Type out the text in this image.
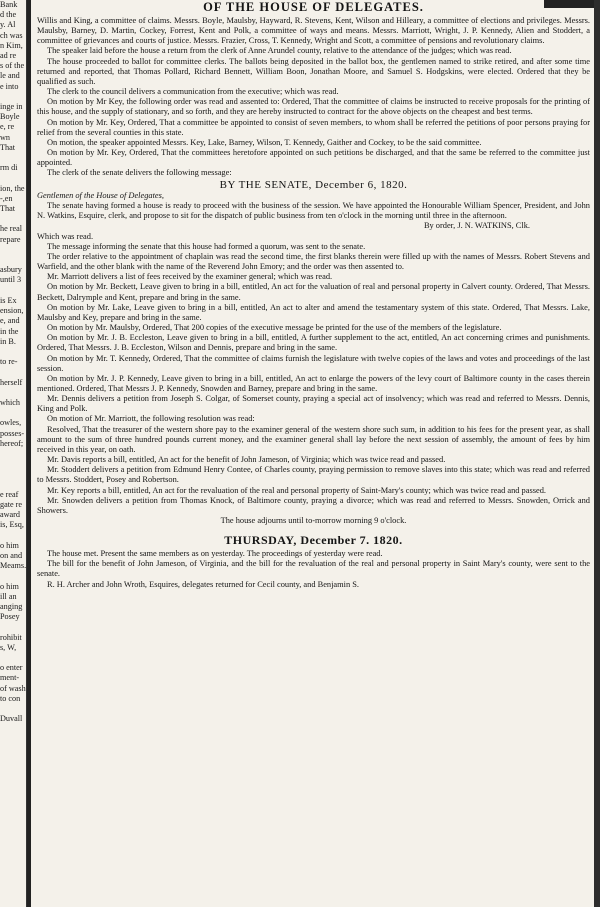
Bank
d the
y. Al
ch was
n Kim,
ad re
s of the
le and
e into

inge in
Boyle
e, re
wn
That

rm di

ion, the
-,en
That

he real
repare

asbury
until 3

is Ex
ension,
e, and
in the
in B.

to re-

herself

which

owles,
posses-
hereof;

e reaf
gate re
award
is, Esq,

o him
on and
Meams.

o him
ill an
anging
Posey

rohibit
s, W,

o enter
ment-
of wash
to con

Duvall
OF THE HOUSE OF DELEGATES.

Willis and King, a committee of claims. Messrs. Boyle, Maulsby, Hayward, R. Stevens, Kent, Wilson and Hilleary, a committee of elections and privileges. Messrs. Maulsby, Barney, D. Martin, Cockey, Forrest, Kent and Polk, a committee of ways and means. Messrs. Marriott, Wright, J. P. Kennedy, Alien and Stoddert, a committee of grievances and courts of justice. Messrs. Frazier, Cross, T. Kennedy, Wright and Scott, a committee of pensions and revolutionary claims.

The speaker laid before the house a return from the clerk of Anne Arundel county, relative to the attendance of the judges; which was read.

The house proceeded to ballot for committee clerks. The ballots being deposited in the ballot box, the gentlemen named to strike retired, and after some time returned and reported, that Thomas Pollard, Richard Bennett, William Boon, Jonathan Moore, and Samuel S. Hodgskins, were elected. Ordered that they be qualified as such.

The clerk to the council delivers a communication from the executive; which was read.

On motion by Mr Key, the following order was read and assented to: Ordered, That the committee of claims be instructed to receive proposals for the printing of this house, and the supply of stationary, and so forth, and they are hereby instructed to contract for the above objects on the cheapest and best terms.

On motion by Mr. Key, Ordered, That a committee be appointed to consist of seven members, to whom shall be referred the petitions of poor persons praying for relief from the several counties in this state.

On motion, the speaker appointed Messrs. Key, Lake, Barney, Wilson, T. Kennedy, Gaither and Cockey, to be the said committee.

On motion by Mr. Key, Ordered, That the committees heretofore appointed on such petitions be discharged, and that the same be referred to the committee just appointed.

The clerk of the senate delivers the following message:

BY THE SENATE, December 6, 1820.

Gentlemen of the House of Delegates,

The senate having formed a house is ready to proceed with the business of the session. We have appointed the Honourable William Spencer, President, and John N. Watkins, Esquire, clerk, and propose to sit for the dispatch of public business from ten o'clock in the morning until three in the afternoon.

By order, J. N. WATKINS, Clk.

Which was read.

The message informing the senate that this house had formed a quorum, was sent to the senate.

The order relative to the appointment of chaplain was read the second time, the first blanks therein were filled up with the names of Messrs. Robert Stevens and Warfield, and the other blank with the name of the Reverend John Emory; and the order was then assented to.

Mr. Marriott delivers a list of fees received by the examiner general; which was read.

On motion by Mr. Beckett, Leave given to bring in a bill, entitled, An act for the valuation of real and personal property in Calvert county. Ordered, That Messrs. Beckett, Dalrymple and Kent, prepare and bring in the same.

On motion by Mr. Lake, Leave given to bring in a bill, entitled, An act to alter and amend the testamentary system of this state. Ordered, That Messrs. Lake, Maulsby and Key, prepare and bring in the same.

On motion by Mr. Maulsby, Ordered, That 200 copies of the executive message be printed for the use of the members of the legislature.

On motion by Mr. J. B. Eccleston, Leave given to bring in a bill, entitled, A further supplement to the act, entitled, An act concerning crimes and punishments. Ordered, That Messrs. J. B. Eccleston, Wilson and Dennis, prepare and bring in the same.

On motion by Mr. T. Kennedy, Ordered, That the committee of claims furnish the legislature with twelve copies of the laws and votes and proceedings of the last session.

On motion by Mr. J. P. Kennedy, Leave given to bring in a bill, entitled, An act to enlarge the powers of the levy court of Baltimore county in the cases therein mentioned. Ordered, That Messrs J. P. Kennedy, Snowden and Barney, prepare and bring in the same.

Mr. Dennis delivers a petition from Joseph S. Colgar, of Somerset county, praying a special act of insolvency; which was read and referred to Messrs. Dennis, King and Polk.

On motion of Mr. Marriott, the following resolution was read:

Resolved, That the treasurer of the western shore pay to the examiner general of the western shore such sum, in addition to his fees for the present year, as shall amount to the sum of three hundred pounds current money, and the examiner general shall lay before the next session of assembly, the amount of fees by him received in this year, on oath.

Mr. Davis reports a bill, entitled, An act for the benefit of John Jameson, of Virginia; which was twice read and passed.

Mr. Stoddert delivers a petition from Edmund Henry Contee, of Charles county, praying permission to remove slaves into this state; which was read and referred to Messrs. Stoddert, Posey and Robertson.

Mr. Key reports a bill, entitled, An act for the revaluation of the real and personal property of Saint-Mary's county; which was twice read and passed.

Mr. Snowden delivers a petition from Thomas Knock, of Baltimore county, praying a divorce; which was read and referred to Messrs. Snowden, Orrick and Showers.

The house adjourns until to-morrow morning 9 o'clock.

THURSDAY, December 7. 1820.

The house met. Present the same members as on yesterday. The proceedings of yesterday were read.

The bill for the benefit of John Jameson, of Virginia, and the bill for the revaluation of the real and personal property in Saint Mary's county, were sent to the senate.

R. H. Archer and John Wroth, Esquires, delegates returned for Cecil county, and Benjamin S.
